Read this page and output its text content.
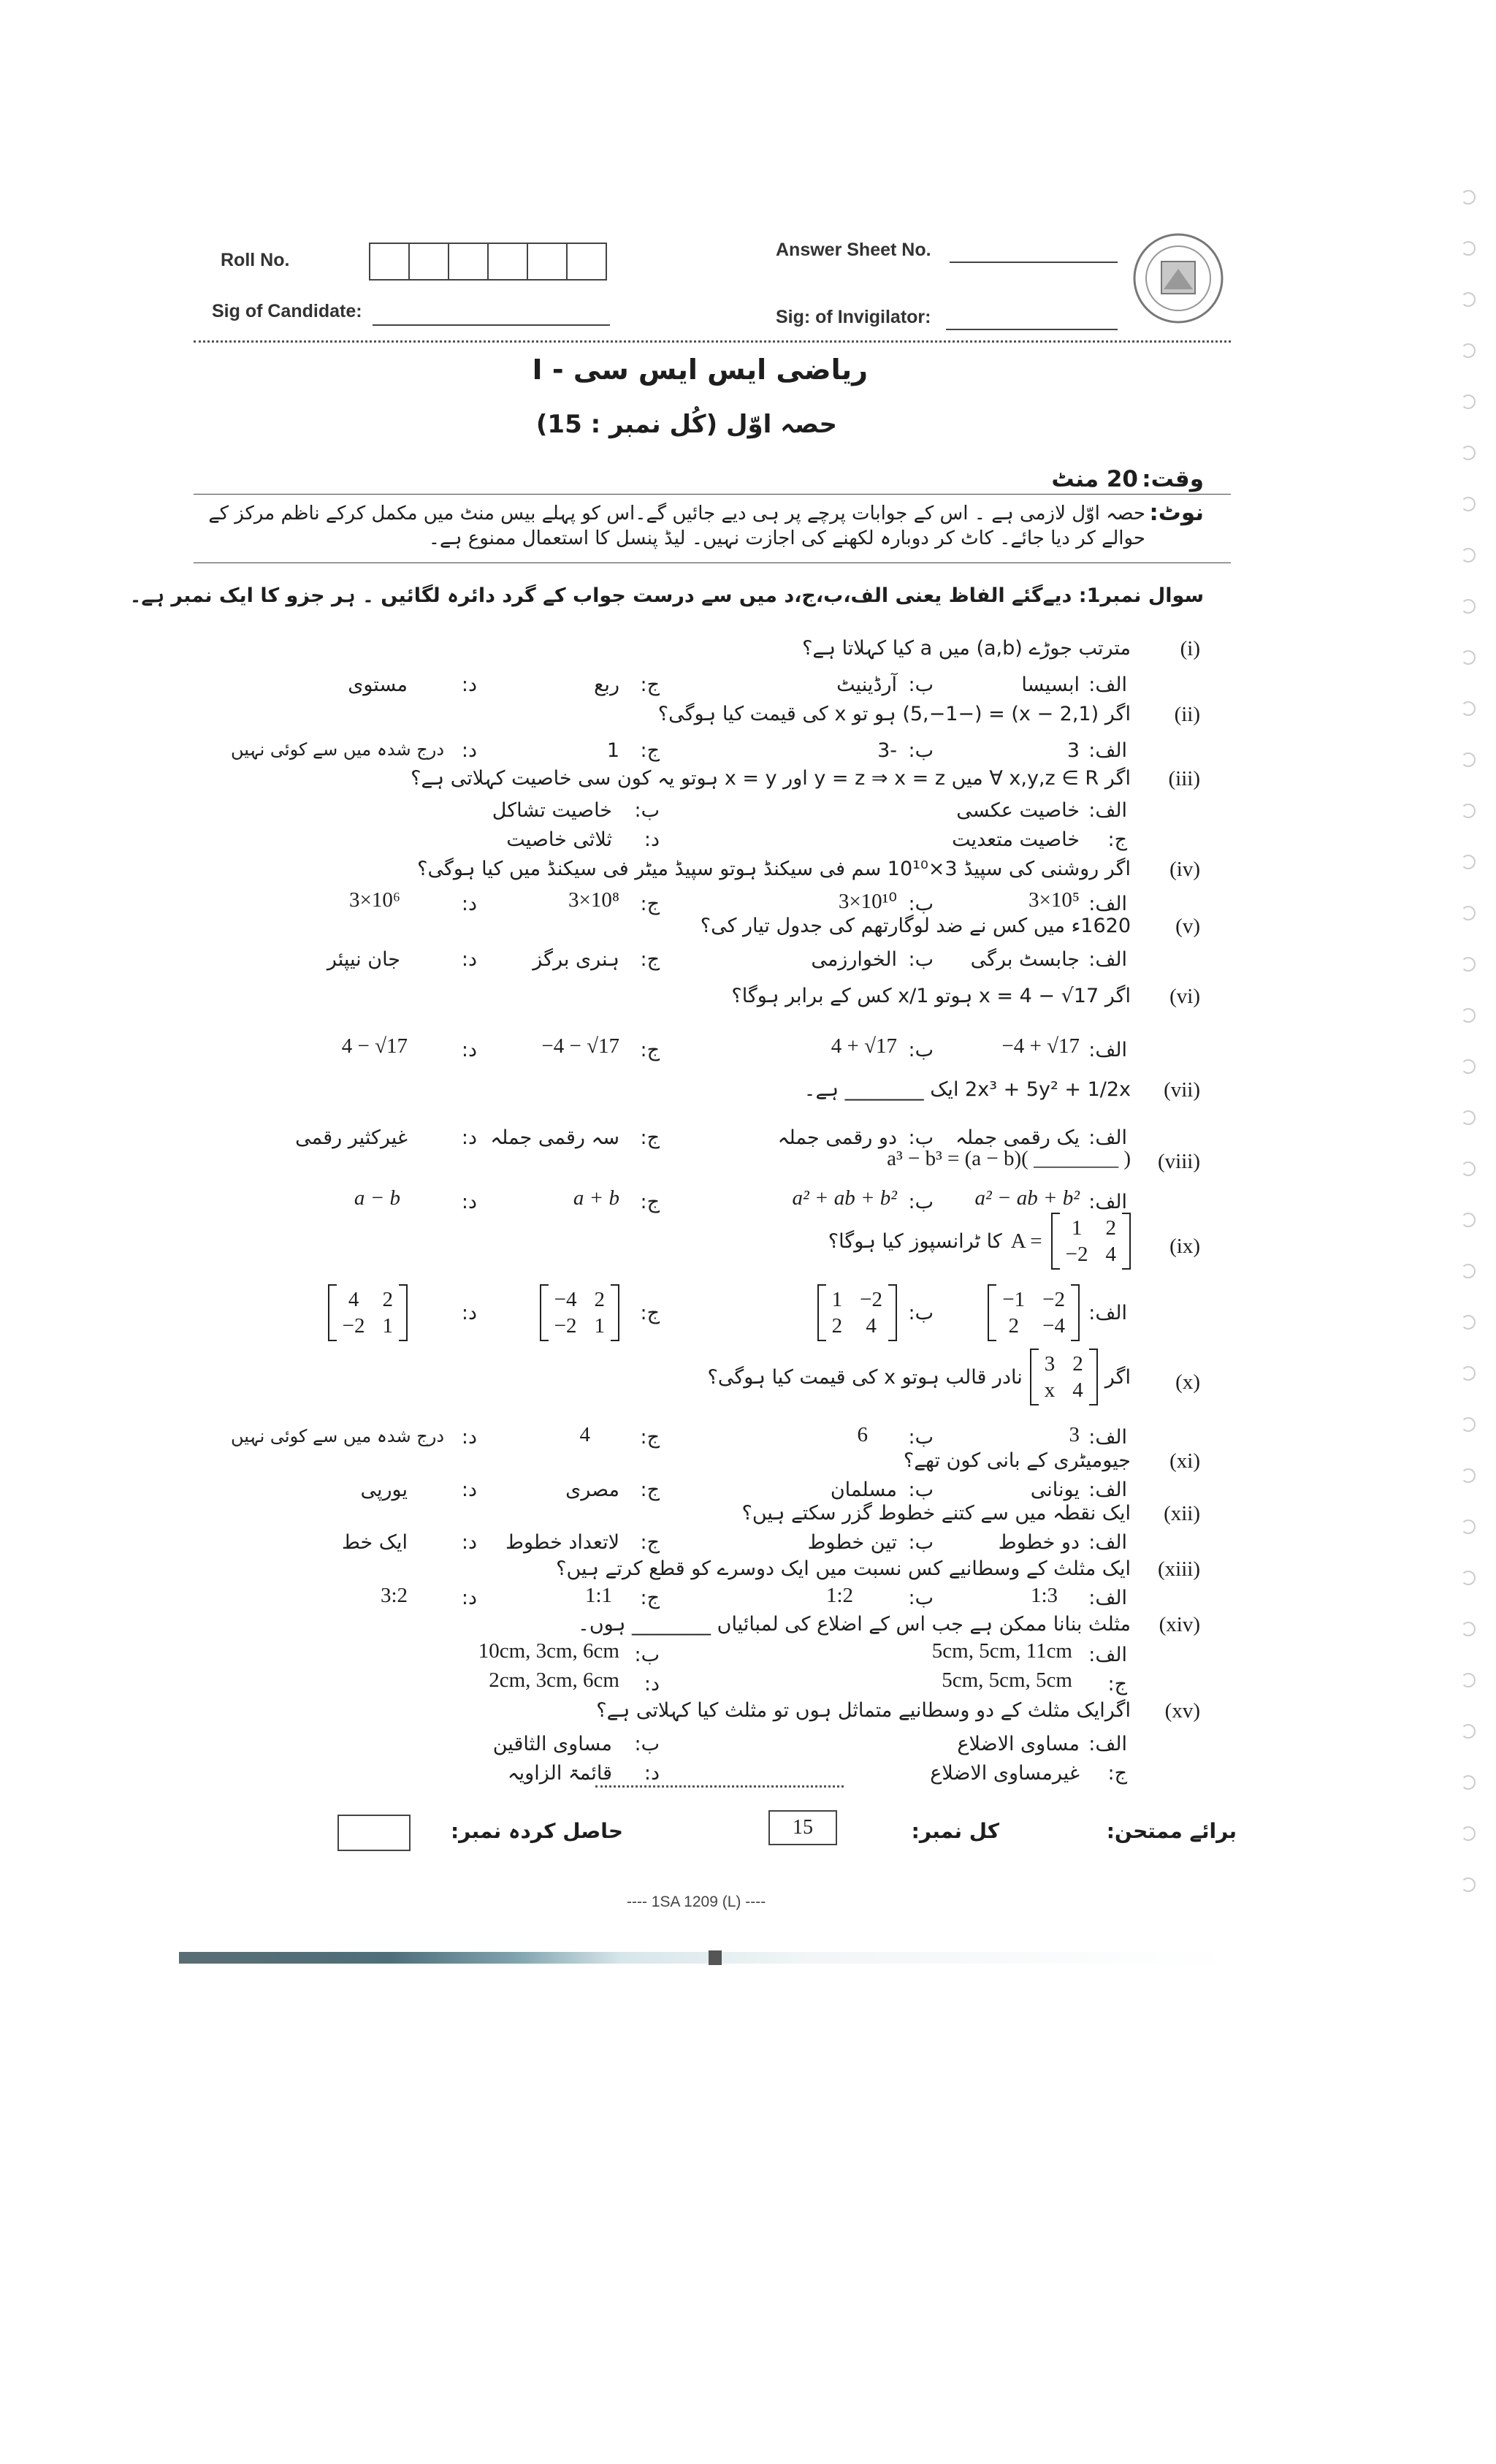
Roll No.
Sig of Candidate:
Answer Sheet No.
Sig: of Invigilator:
ریاضی ایس ایس سی - I
حصہ اوّل (کُل نمبر : 15)
وقت:
20 منٹ
نوٹ:
حصہ اوّل لازمی ہے ۔ اس کے جوابات پرچے پر ہی دیے جائیں گے۔اس کو پہلے بیس منٹ میں مکمل کرکے ناظم مرکز کے
حوالے کر دیا جائے۔ کاٹ کر دوبارہ لکھنے کی اجازت نہیں۔ لیڈ پنسل کا استعمال ممنوع ہے۔
سوال نمبر1: دیےگئے الفاظ یعنی الف،ب،ج،د میں سے درست جواب کے گرد دائرہ لگائیں ۔ ہر جزو کا ایک نمبر ہے۔
(i)
مترتب جوڑے (a,b) میں a کیا کہلاتا ہے؟
الف:
ابسیسا
ب:
آرڈینیٹ
ج:
ربع
د:
مستوی
(ii)
اگر (x − 2,1) = (−5,−1) ہو تو x کی قیمت کیا ہوگی؟
الف:
3
ب:
-3
ج:
1
د:
درج شدہ میں سے کوئی نہیں
(iii)
اگر x,y,z ∈ R ∀ میں y = z ⇒ x = z اور x = y ہوتو یہ کون سی خاصیت کہلاتی ہے؟
الف:
خاصیت عکسی
ب:
خاصیت تشاکل
ج:
خاصیت متعدیت
د:
ثلاثی خاصیت
(iv)
اگر روشنی کی سپیڈ 3×10¹⁰ سم فی سیکنڈ ہوتو سپیڈ میٹر فی سیکنڈ میں کیا ہوگی؟
الف:
3×10⁵
ب:
3×10¹⁰
ج:
3×10⁸
د:
3×10⁶
(v)
1620ء میں کس نے ضد لوگارتھم کی جدول تیار کی؟
الف:
جابسٹ برگی
ب:
الخوارزمی
ج:
ہنری برگز
د:
جان نیپئر
(vi)
اگر x = 4 − √17 ہوتو 1/x کس کے برابر ہوگا؟
الف:
−4 + √17
ب:
4 + √17
ج:
−4 − √17
د:
4 − √17
(vii)
2x³ + 5y² + 1/2x ایک ________ ہے۔
الف:
یک رقمی جملہ
ب:
دو رقمی جملہ
ج:
سہ رقمی جملہ
د:
غیرکثیر رقمی
(viii)
a³ − b³ = (a − b)( ________ )
الف:
a² − ab + b²
ب:
a² + ab + b²
ج:
a + b
د:
a − b
(ix)
کا ٹرانسپوز کیا ہوگا؟ A =
1 2
−2 4
الف:
−1 −2
2 −4
ب:
1 −2
2 4
ج:
−4 2
−2 1
د:
4 2
−2 1
(x)
نادر قالب ہوتو x کی قیمت کیا ہوگی؟
3 2
x 4
اگر
الف:
3
ب:
6
ج:
4
د:
درج شدہ میں سے کوئی نہیں
(xi)
جیومیٹری کے بانی کون تھے؟
الف:
یونانی
ب:
مسلمان
ج:
مصری
د:
یورپی
(xii)
ایک نقطہ میں سے کتنے خطوط گزر سکتے ہیں؟
الف:
دو خطوط
ب:
تین خطوط
ج:
لاتعداد خطوط
د:
ایک خط
(xiii)
ایک مثلث کے وسطانیے کس نسبت میں ایک دوسرے کو قطع کرتے ہیں؟
الف:
1:3
ب:
1:2
ج:
1:1
د:
3:2
(xiv)
مثلث بنانا ممکن ہے جب اس کے اضلاع کی لمبائیاں ________ ہوں۔
الف:
5cm, 5cm, 11cm
ب:
10cm, 3cm, 6cm
ج:
5cm, 5cm, 5cm
د:
2cm, 3cm, 6cm
(xv)
اگرایک مثلث کے دو وسطانیے متماثل ہوں تو مثلث کیا کہلاتی ہے؟
الف:
مساوی الاضلاع
ب:
مساوی الثاقین
ج:
غیرمساوی الاضلاع
د:
قائمۃ الزاویہ
برائے ممتحن:
کل نمبر:
15
حاصل کردہ نمبر:
---- 1SA 1209 (L) ----
